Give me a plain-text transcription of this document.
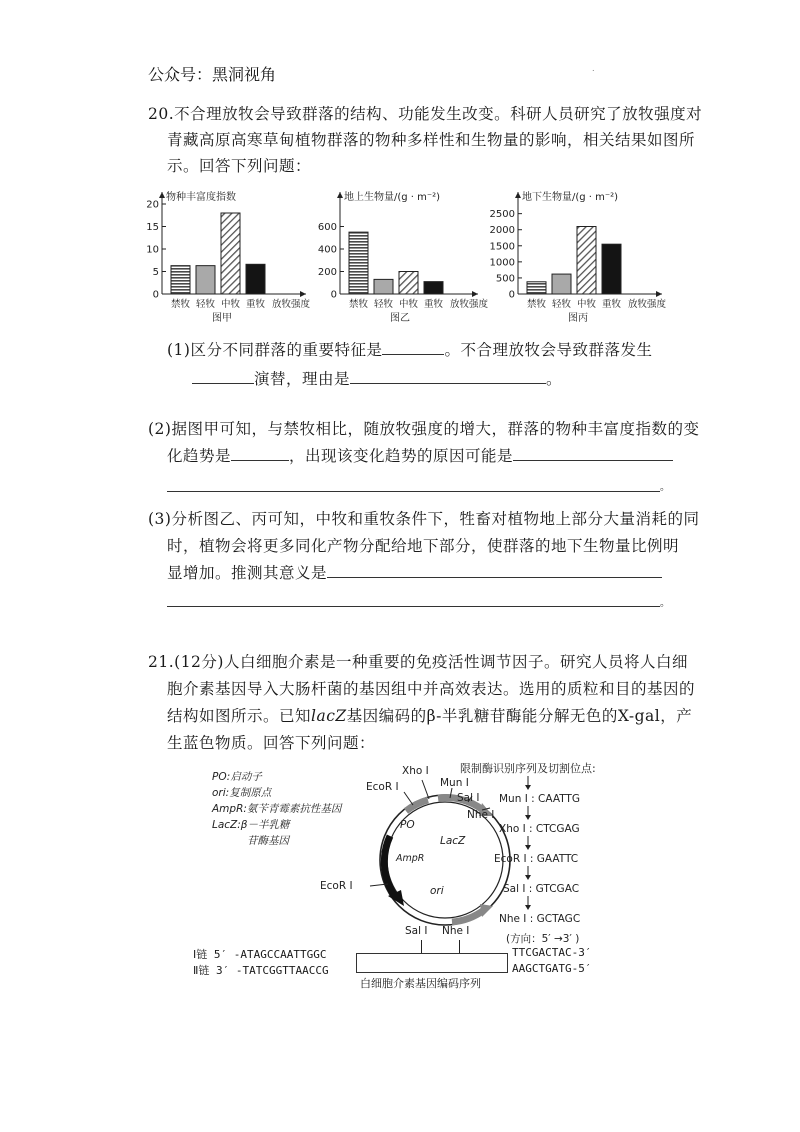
公众号：黑洞视角	.
20.不合理放牧会导致群落的结构、功能发生改变。科研人员研究了放牧强度对
青藏高原高寒草甸植物群落的物种多样性和生物量的影响，相关结果如图所
示。回答下列问题：
物种丰富度指数
0
5
10
15
20
禁牧 轻牧 中牧 重牧 放牧强度
图甲
地上生物量/(g · m⁻²)
0
200
400
600
禁牧 轻牧 中牧 重牧 放牧强度
图乙
地下生物量/(g · m⁻²)
0
500
1000
1500
2000
2500
禁牧 轻牧 中牧 重牧 放牧强度
图丙
(1)区分不同群落的重要特征是	。不合理放牧会导致群落发生
演替，理由是	。
(2)据图甲可知，与禁牧相比，随放牧强度的增大，群落的物种丰富度指数的变
化趋势是	，出现该变化趋势的原因可能是
。
(3)分析图乙、丙可知，中牧和重牧条件下，牲畜对植物地上部分大量消耗的同
时，植物会将更多同化产物分配给地下部分，使群落的地下生物量比例明
显增加。推测其意义是
。
21.(12分)人白细胞介素是一种重要的免疫活性调节因子。研究人员将人白细
胞介素基因导入大肠杆菌的基因组中并高效表达。选用的质粒和目的基因的
结构如图所示。已知lacZ基因编码的β-半乳糖苷酶能分解无色的X-gal，产
生蓝色物质。回答下列问题：
PO:启动子
ori:复制原点
AmpR:氨苄青霉素抗性基因
LacZ:β－半乳糖
苷酶基因
Xho Ⅰ
EcoR Ⅰ	Mun Ⅰ
Sal Ⅰ
Nhe Ⅰ
PO
LacZ
AmpR
EcoR Ⅰ	ori
限制酶识别序列及切割位点:
Mun Ⅰ : CAATTG
Xho Ⅰ : CTCGAG
EcoR Ⅰ : GAATTC
Sal Ⅰ : GTCGAC
Nhe Ⅰ : GCTAGC
(方向：5′ →3′ )
Sal Ⅰ Nhe Ⅰ
Ⅰ链 5′ -ATAGCCAATTGGC
Ⅱ链 3′ -TATCGGTTAACCG
TTCGACTAC-3′
AAGCTGATG-5′
白细胞介素基因编码序列
